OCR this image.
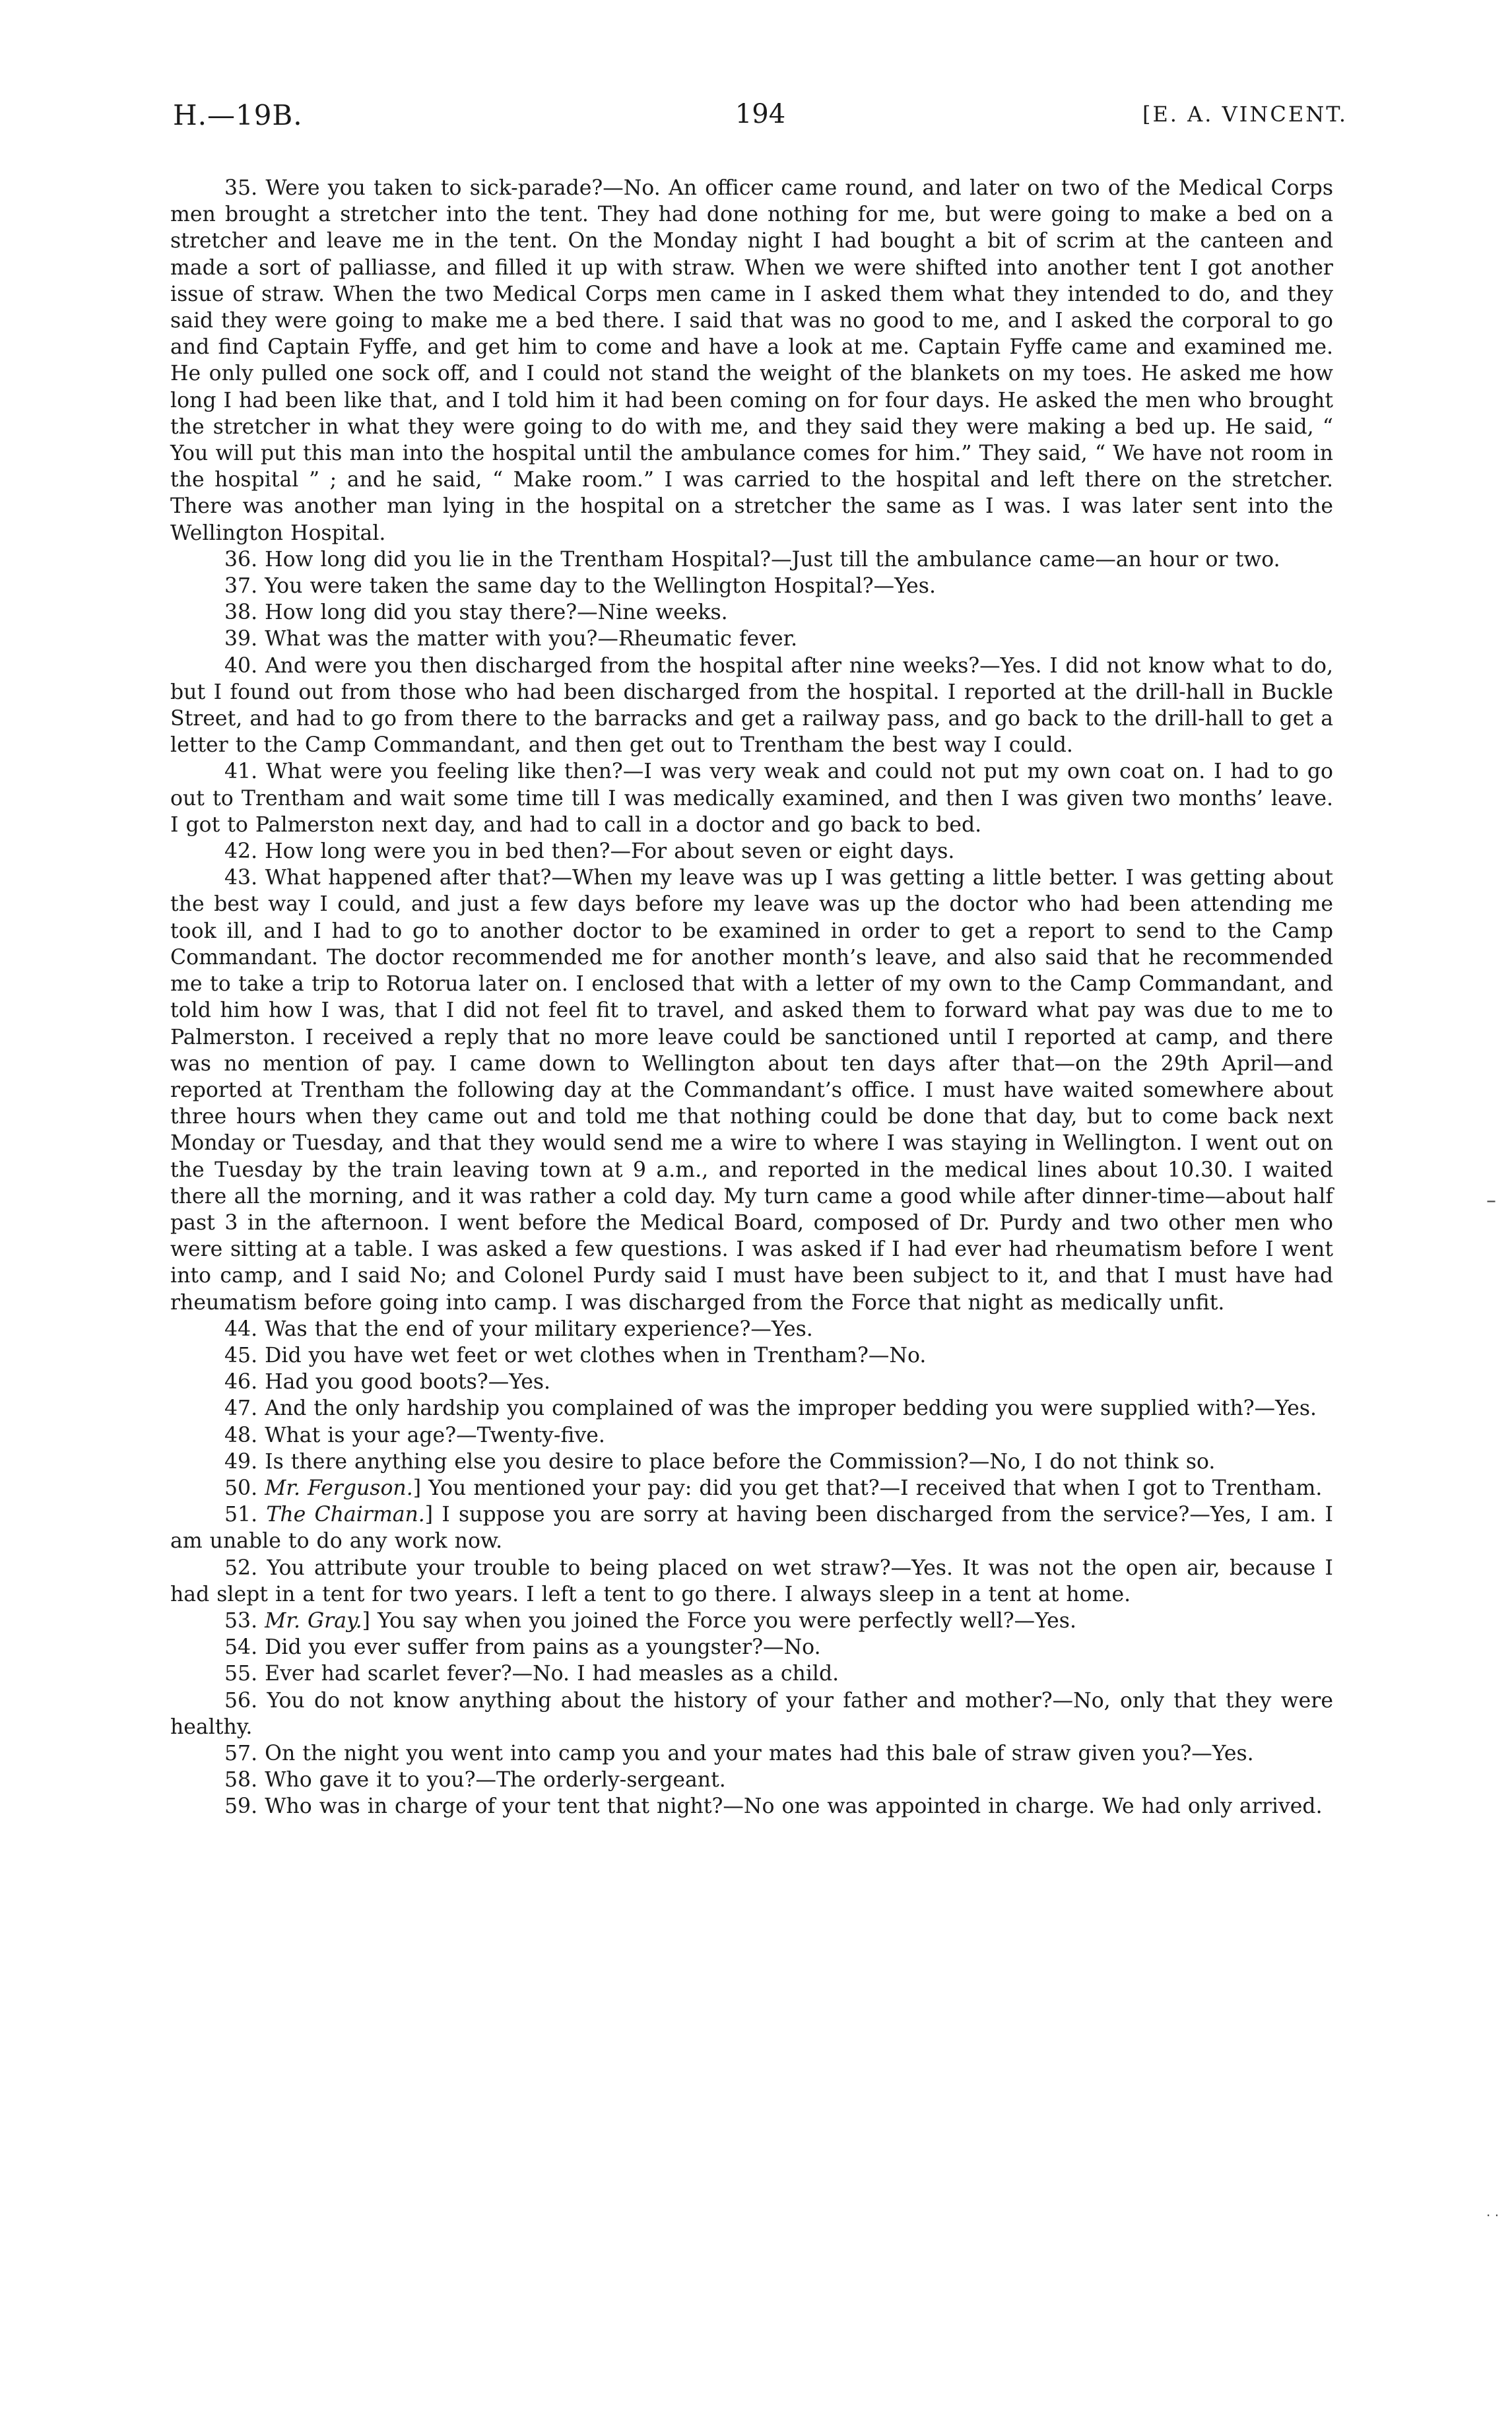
H.—19B.	194	[E. A. VINCENT.

35. Were you taken to sick-parade?—No. An officer came round, and later on two of the Medical Corps men brought a stretcher into the tent. They had done nothing for me, but were going to make a bed on a stretcher and leave me in the tent. On the Monday night I had bought a bit of scrim at the canteen and made a sort of palliasse, and filled it up with straw. When we were shifted into another tent I got another issue of straw. When the two Medical Corps men came in I asked them what they intended to do, and they said they were going to make me a bed there. I said that was no good to me, and I asked the corporal to go and find Captain Fyffe, and get him to come and have a look at me. Captain Fyffe came and examined me. He only pulled one sock off, and I could not stand the weight of the blankets on my toes. He asked me how long I had been like that, and I told him it had been coming on for four days. He asked the men who brought the stretcher in what they were going to do with me, and they said they were making a bed up. He said, “ You will put this man into the hospital until the ambulance comes for him.” They said, “ We have not room in the hospital ” ; and he said, “ Make room.” I was carried to the hospital and left there on the stretcher. There was another man lying in the hospital on a stretcher the same as I was. I was later sent into the Wellington Hospital.

36. How long did you lie in the Trentham Hospital?—Just till the ambulance came—an hour or two.

37. You were taken the same day to the Wellington Hospital?—Yes.

38. How long did you stay there?—Nine weeks.

39. What was the matter with you?—Rheumatic fever.

40. And were you then discharged from the hospital after nine weeks?—Yes. I did not know what to do, but I found out from those who had been discharged from the hospital. I reported at the drill-hall in Buckle Street, and had to go from there to the barracks and get a railway pass, and go back to the drill-hall to get a letter to the Camp Commandant, and then get out to Trentham the best way I could.

41. What were you feeling like then?—I was very weak and could not put my own coat on. I had to go out to Trentham and wait some time till I was medically examined, and then I was given two months’ leave. I got to Palmerston next day, and had to call in a doctor and go back to bed.

42. How long were you in bed then?—For about seven or eight days.

43. What happened after that?—When my leave was up I was getting a little better. I was getting about the best way I could, and just a few days before my leave was up the doctor who had been attending me took ill, and I had to go to another doctor to be examined in order to get a report to send to the Camp Commandant. The doctor recommended me for another month’s leave, and also said that he recommended me to take a trip to Rotorua later on. I enclosed that with a letter of my own to the Camp Commandant, and told him how I was, that I did not feel fit to travel, and asked them to forward what pay was due to me to Palmerston. I received a reply that no more leave could be sanctioned until I reported at camp, and there was no mention of pay. I came down to Wellington about ten days after that—on the 29th April—and reported at Trentham the following day at the Commandant’s office. I must have waited somewhere about three hours when they came out and told me that nothing could be done that day, but to come back next Monday or Tuesday, and that they would send me a wire to where I was staying in Wellington. I went out on the Tuesday by the train leaving town at 9 a.m., and reported in the medical lines about 10.30. I waited there all the morning, and it was rather a cold day. My turn came a good while after dinner-time—about half past 3 in the afternoon. I went before the Medical Board, composed of Dr. Purdy and two other men who were sitting at a table. I was asked a few questions. I was asked if I had ever had rheumatism before I went into camp, and I said No; and Colonel Purdy said I must have been subject to it, and that I must have had rheumatism before going into camp. I was discharged from the Force that night as medically unfit.

44. Was that the end of your military experience?—Yes.

45. Did you have wet feet or wet clothes when in Trentham?—No.

46. Had you good boots?—Yes.

47. And the only hardship you complained of was the improper bedding you were supplied with?—Yes.

48. What is your age?—Twenty-five.

49. Is there anything else you desire to place before the Commission?—No, I do not think so.

50. Mr. Ferguson.] You mentioned your pay: did you get that?—I received that when I got to Trentham.

51. The Chairman.] I suppose you are sorry at having been discharged from the service?—Yes, I am. I am unable to do any work now.

52. You attribute your trouble to being placed on wet straw?—Yes. It was not the open air, because I had slept in a tent for two years. I left a tent to go there. I always sleep in a tent at home.

53. Mr. Gray.] You say when you joined the Force you were perfectly well?—Yes.

54. Did you ever suffer from pains as a youngster?—No.

55. Ever had scarlet fever?—No. I had measles as a child.

56. You do not know anything about the history of your father and mother?—No, only that they were healthy.

57. On the night you went into camp you and your mates had this bale of straw given you?—Yes.

58. Who gave it to you?—The orderly-sergeant.

59. Who was in charge of your tent that night?—No one was appointed in charge. We had only arrived.

–
· ·
